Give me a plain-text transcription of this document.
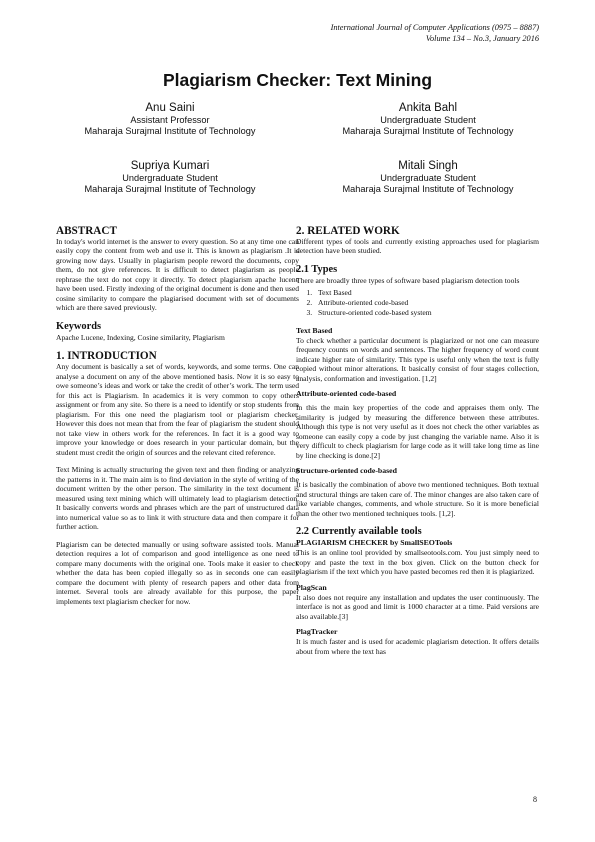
International Journal of Computer Applications (0975 – 8887)
Volume 134 – No.3, January 2016
Plagiarism Checker: Text Mining
Anu Saini
Assistant Professor
Maharaja Surajmal Institute of Technology
Ankita Bahl
Undergraduate Student
Maharaja Surajmal Institute of Technology
Supriya Kumari
Undergraduate Student
Maharaja Surajmal Institute of Technology
Mitali Singh
Undergraduate Student
Maharaja Surajmal Institute of Technology
ABSTRACT

In today's world internet is the answer to every question. So at any time one can easily copy the content from web and use it. This is known as plagiarism .It is growing now days. Usually in plagiarism people reword the documents, copy them, do not give references. It is difficult to detect plagiarism as people rephrase the text do not copy it directly. To detect plagiarism apache lucene have been used. Firstly indexing of the original document is done and then used cosine similarity to compare the plagiarised document with set of documents which are there saved previously.

Keywords

Apache Lucene, Indexing, Cosine similarity, Plagiarism

1. INTRODUCTION

Any document is basically a set of words, keywords, and some terms. One can analyse a document on any of the above mentioned basis. Now it is so easy to owe someone’s ideas and work or take the credit of other’s work. The term used for this act is Plagiarism. In academics it is very common to copy others assignment or from any site. So there is a need to identify or stop students from plagiarism. For this one need the plagiarism tool or plagiarism checker. However this does not mean that from the fear of plagiarism the student should not take view in others work for the references. In fact it is a good way to improve your knowledge or does research in your particular domain, but the student must credit the origin of sources and the relevant cited reference.

Text Mining is actually structuring the given text and then finding or analyzing the patterns in it. The main aim is to find deviation in the style of writing of the document written by the other person. The similarity in the text document is measured using text mining which will ultimately lead to plagiarism detection. It basically converts words and phrases which are the part of unstructured data into numerical value so as to link it with structure data and then compare it for further action.

Plagiarism can be detected manually or using software assisted tools. Manual detection requires a lot of comparison and good intelligence as one need to compare many documents with the original one. Tools make it easier to check whether the data has been copied illegally so as in seconds one can easily compare the document with plenty of research papers and other data from internet. Several tools are already available for this purpose, the paper implements text plagiarism checker for now.

2. RELATED WORK

Different types of tools and currently existing approaches used for plagiarism detection have been studied.

2.1 Types

There are broadly three types of software based plagiarism detection tools

1. Text Based
2. Attribute-oriented code-based
3. Structure-oriented code-based system
Text Based

To check whether a particular document is plagiarized or not one can measure frequency counts on words and sentences. The higher frequency of word count indicate higher rate of similarity. This type is useful only when the text is fully copied without minor alterations. It basically consist of four stages collection, analysis, conformation and investigation. [1,2]

Attribute-oriented code-based

In this the main key properties of the code and appraises them only. The similarity is judged by measuring the difference between these attributes. Although this type is not very useful as it does not check the other variables as someone can easily copy a code by just changing the variable name. Also it is very difficult to check plagiarism for large code as it will take long time as line by line checking is done.[2]

Structure-oriented code-based

It is basically the combination of above two mentioned techniques. Both textual and structural things are taken care of. The minor changes are also taken care of like variable changes, comments, and whole structure. So it is more beneficial than the other two mentioned techniques tools. [1,2].

2.2 Currently available tools
PLAGIARISM CHECKER by SmallSEOTools

This is an online tool provided by smallseotools.com. You just simply need to copy and paste the text in the box given. Click on the button check for plagiarism if the text which you have pasted becomes red then it is plagiarized.

PlagScan

It also does not require any installation and updates the user continuously. The interface is not as good and limit is 1000 character at a time. Paid versions are also available.[3]

PlagTracker

It is much faster and is used for academic plagiarism detection. It offers details about from where the text has

8
